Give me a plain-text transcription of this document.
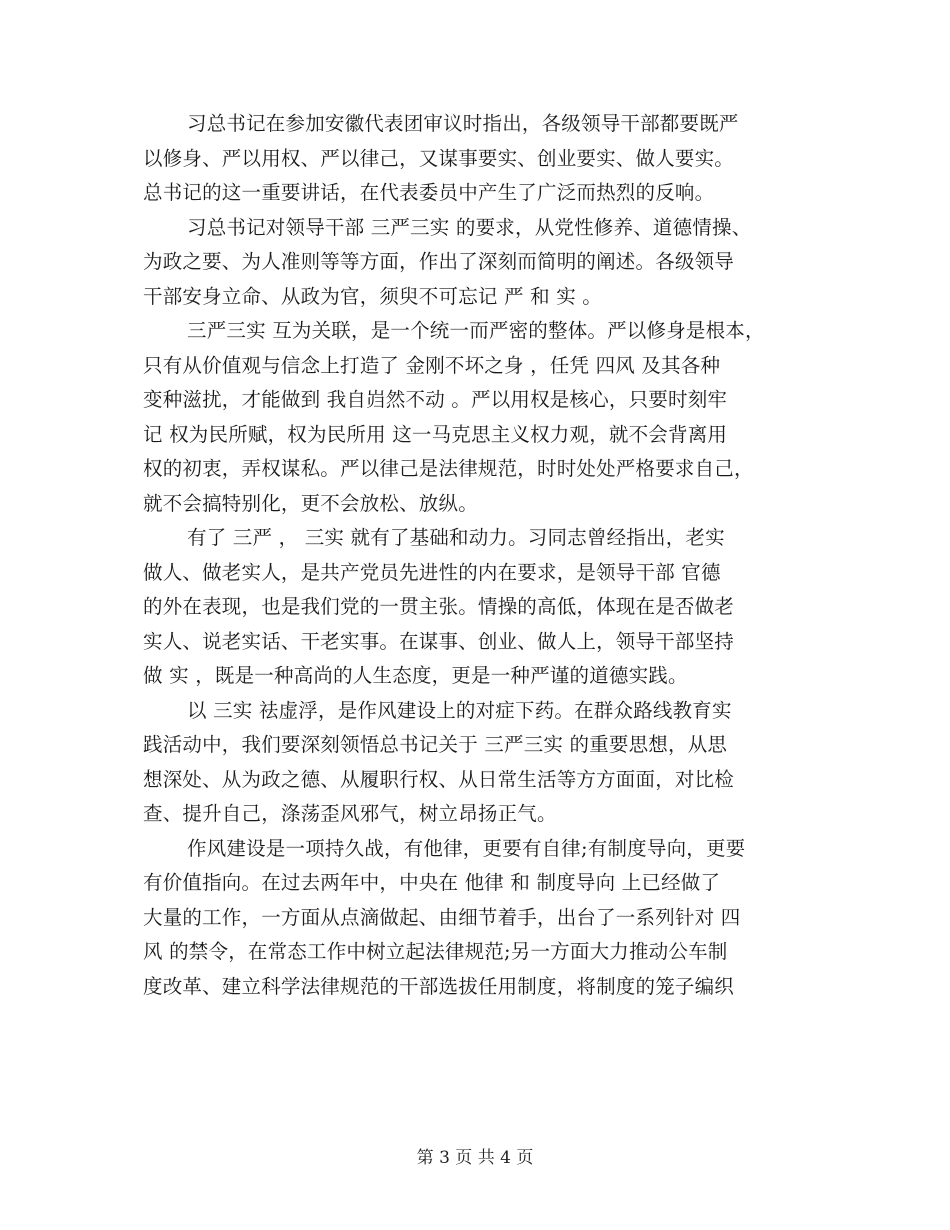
习总书记在参加安徽代表团审议时指出，各级领导干部都要既严
以修身、严以用权、严以律己，又谋事要实、创业要实、做人要实。
总书记的这一重要讲话，在代表委员中产生了广泛而热烈的反响。

习总书记对领导干部 三严三实 的要求，从党性修养、道德情操、
为政之要、为人准则等等方面，作出了深刻而简明的阐述。各级领导
干部安身立命、从政为官，须臾不可忘记 严 和 实 。

三严三实 互为关联，是一个统一而严密的整体。严以修身是根本，
只有从价值观与信念上打造了 金刚不坏之身 ，任凭 四风 及其各种
变种滋扰，才能做到 我自岿然不动 。严以用权是核心，只要时刻牢
记 权为民所赋，权为民所用 这一马克思主义权力观，就不会背离用
权的初衷，弄权谋私。严以律己是法律规范，时时处处严格要求自己，
就不会搞特别化，更不会放松、放纵。

有了 三严 ， 三实 就有了基础和动力。习同志曾经指出，老实
做人、做老实人，是共产党员先进性的内在要求，是领导干部 官德
的外在表现，也是我们党的一贯主张。情操的高低，体现在是否做老
实人、说老实话、干老实事。在谋事、创业、做人上，领导干部坚持
做 实 ，既是一种高尚的人生态度，更是一种严谨的道德实践。

以 三实 祛虚浮，是作风建设上的对症下药。在群众路线教育实
践活动中，我们要深刻领悟总书记关于 三严三实 的重要思想，从思
想深处、从为政之德、从履职行权、从日常生活等方方面面，对比检
查、提升自己，涤荡歪风邪气，树立昂扬正气。

作风建设是一项持久战，有他律，更要有自律;有制度导向，更要
有价值指向。在过去两年中，中央在 他律 和 制度导向 上已经做了
大量的工作，一方面从点滴做起、由细节着手，出台了一系列针对 四
风 的禁令，在常态工作中树立起法律规范;另一方面大力推动公车制
度改革、建立科学法律规范的干部选拔任用制度，将制度的笼子编织

第 3 页 共 4 页
